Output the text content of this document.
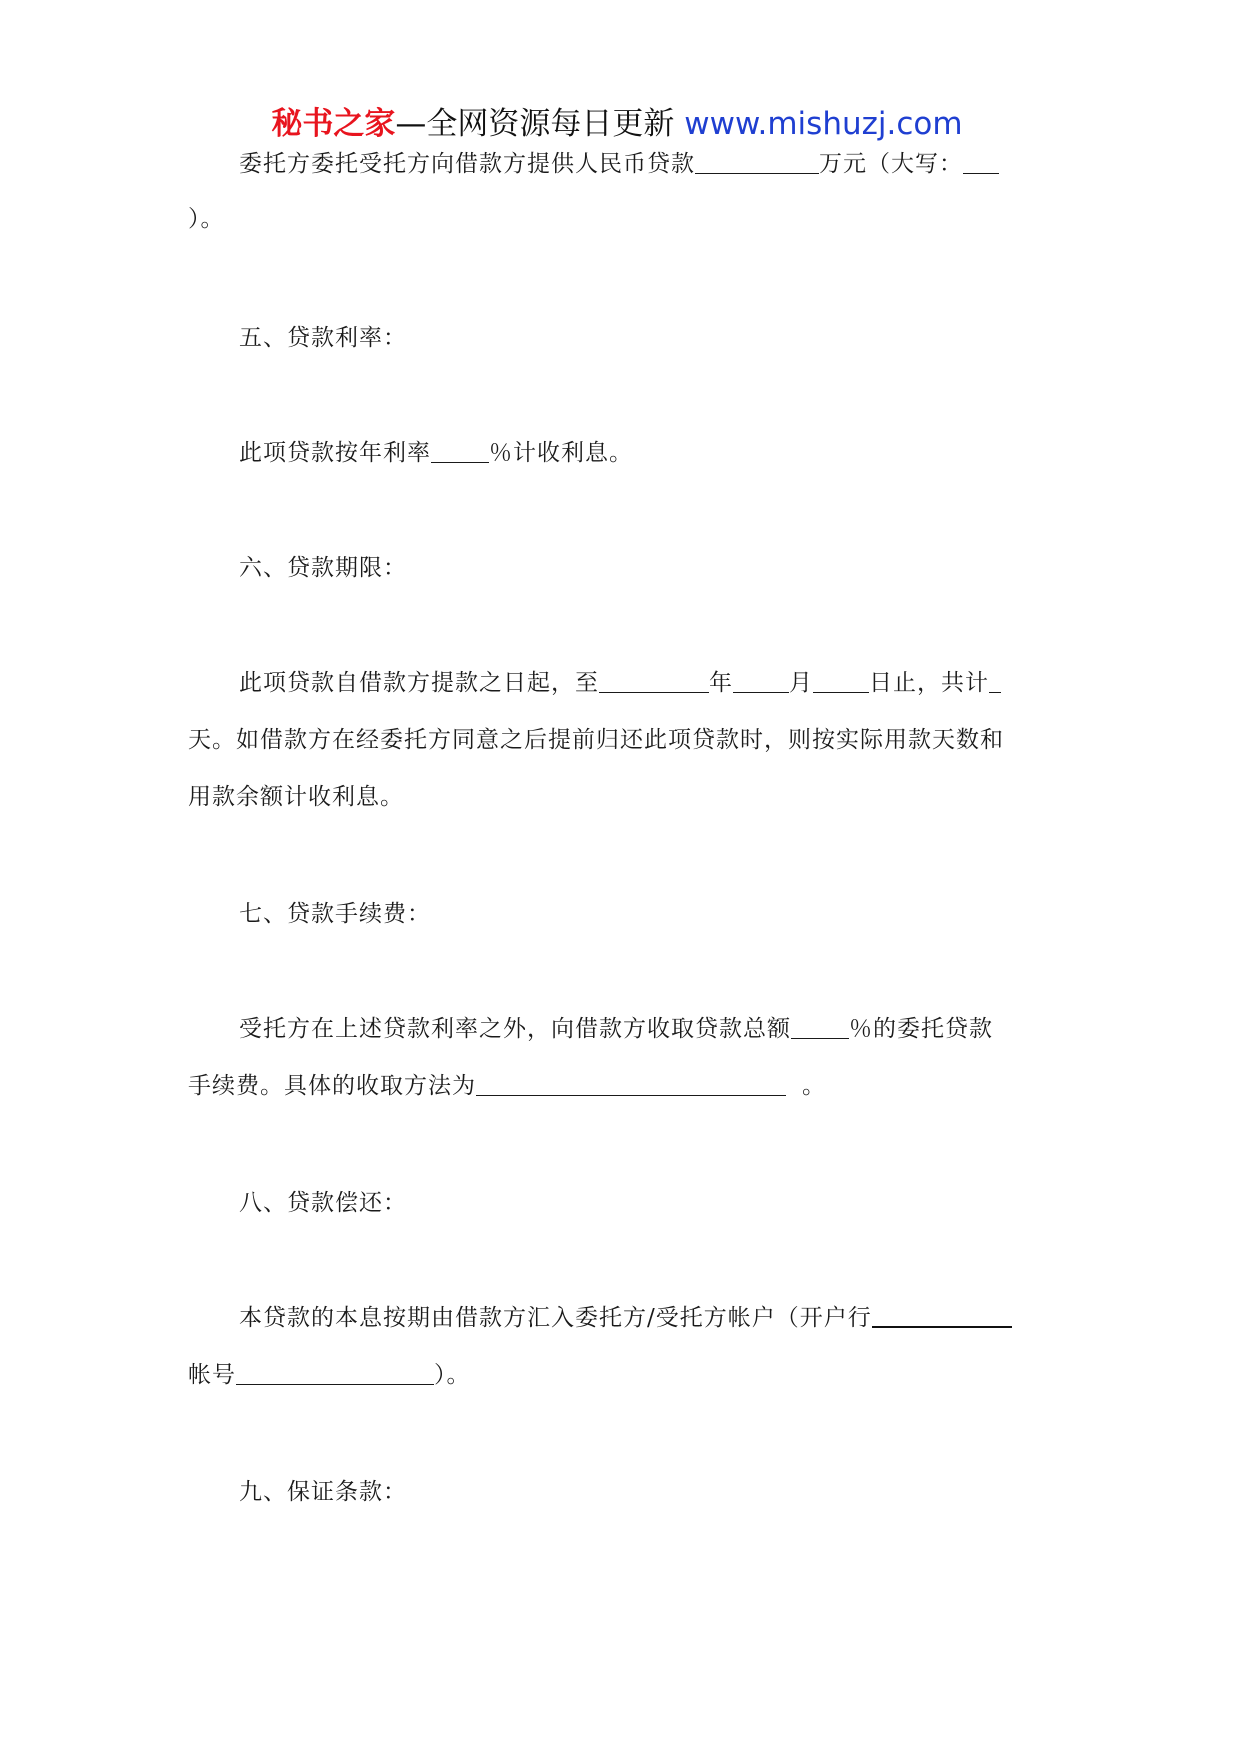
秘书之家—全网资源每日更新 www.mishuzj.com
委托方委托受托方向借款方提供人民币贷款	万元（大写：
）。
五、贷款利率：
此项贷款按年利率	％计收利息。
六、贷款期限：
此项贷款自借款方提款之日起，至	年 月 日止，共计
天。如借款方在经委托方同意之后提前归还此项贷款时，则按实际用款天数和
用款余额计收利息。
七、贷款手续费：
受托方在上述贷款利率之外，向借款方收取贷款总额	％的委托贷款
手续费。具体的收取方法为	。
八、贷款偿还：
本贷款的本息按期由借款方汇入委托方/受托方帐户（开户行
帐号	）。
九、保证条款：
